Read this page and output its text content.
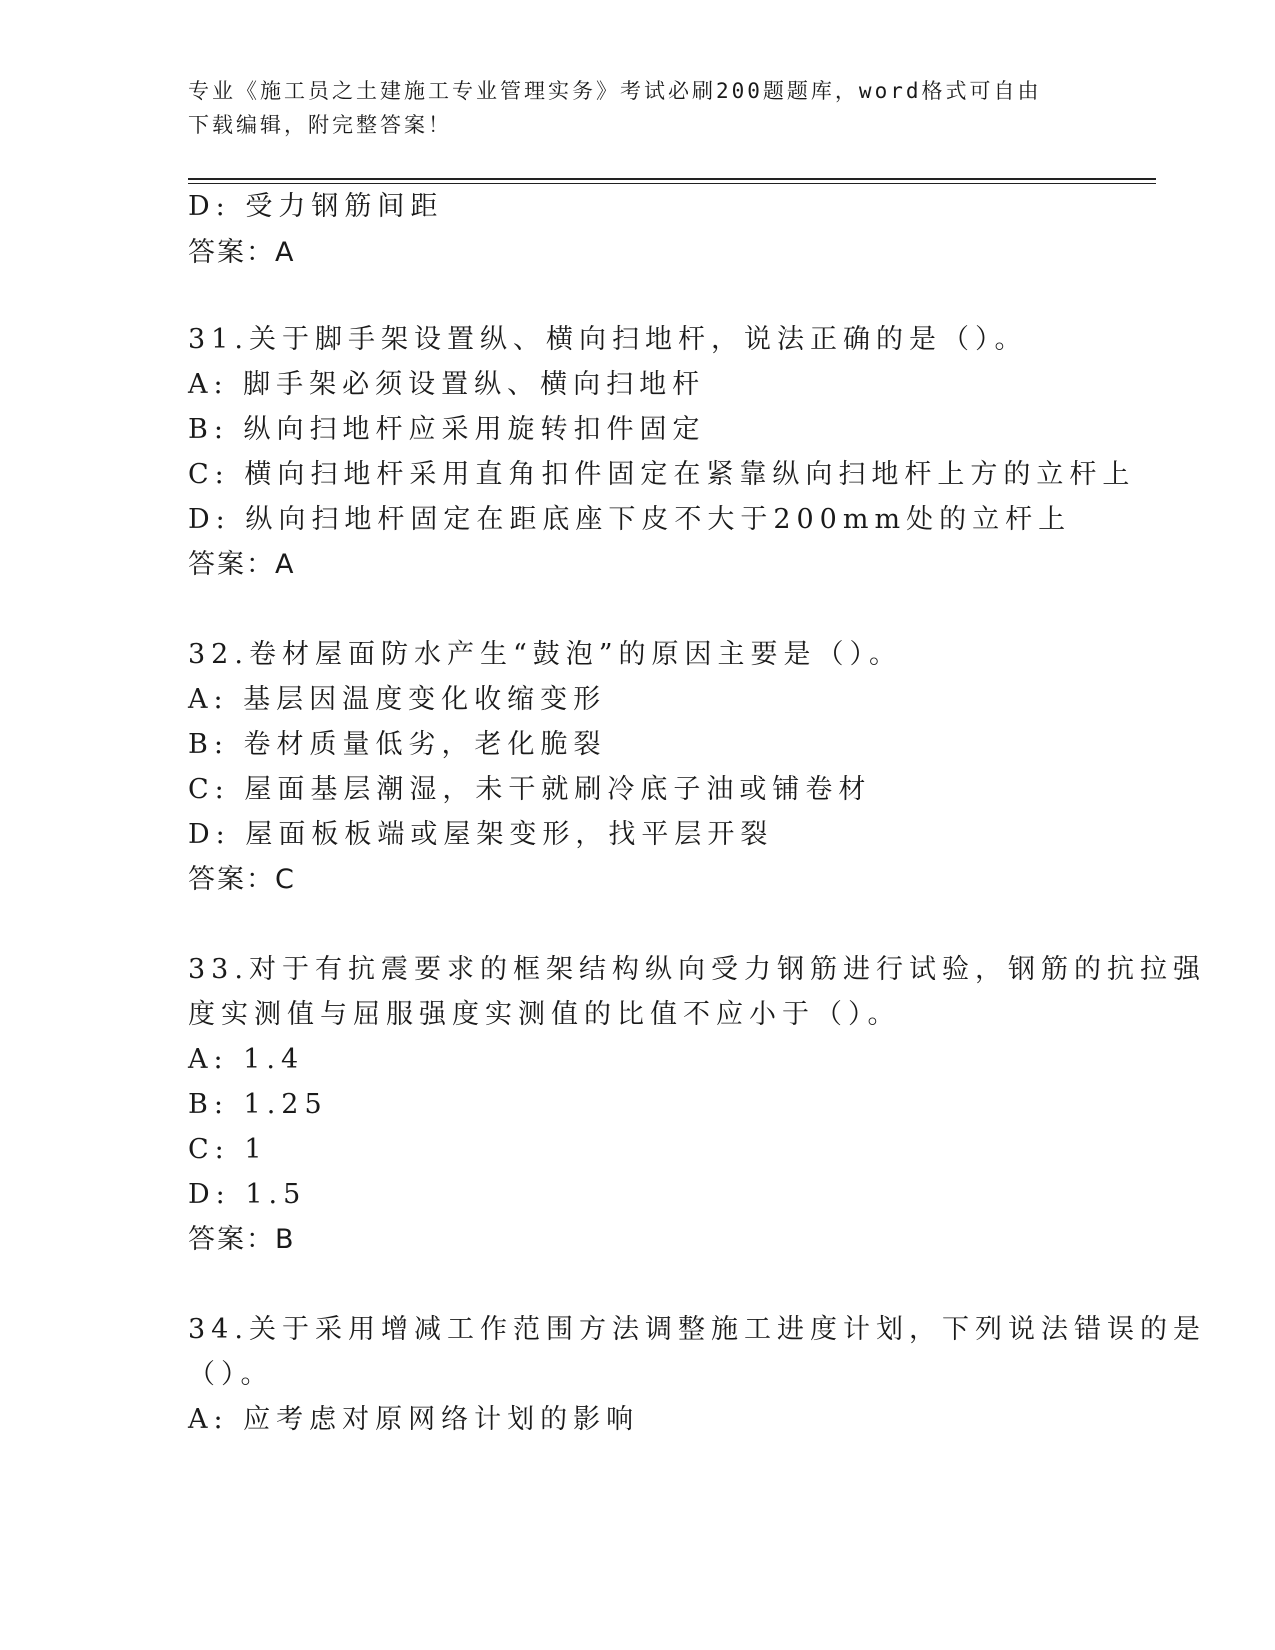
专业《施工员之土建施工专业管理实务》考试必刷200题题库，word格式可自由
下载编辑，附完整答案！
D: 受力钢筋间距
答案：A
31.关于脚手架设置纵、横向扫地杆，说法正确的是（）。
A: 脚手架必须设置纵、横向扫地杆
B: 纵向扫地杆应采用旋转扣件固定
C: 横向扫地杆采用直角扣件固定在紧靠纵向扫地杆上方的立杆上
D: 纵向扫地杆固定在距底座下皮不大于200mm处的立杆上
答案：A
32.卷材屋面防水产生“鼓泡”的原因主要是（）。
A: 基层因温度变化收缩变形
B: 卷材质量低劣，老化脆裂
C: 屋面基层潮湿，未干就刷冷底子油或铺卷材
D: 屋面板板端或屋架变形，找平层开裂
答案：C
33.对于有抗震要求的框架结构纵向受力钢筋进行试验，钢筋的抗拉强
度实测值与屈服强度实测值的比值不应小于（）。
A: 1.4
B: 1.25
C: 1
D: 1.5
答案：B
34.关于采用增减工作范围方法调整施工进度计划，下列说法错误的是
（）。
A: 应考虑对原网络计划的影响
